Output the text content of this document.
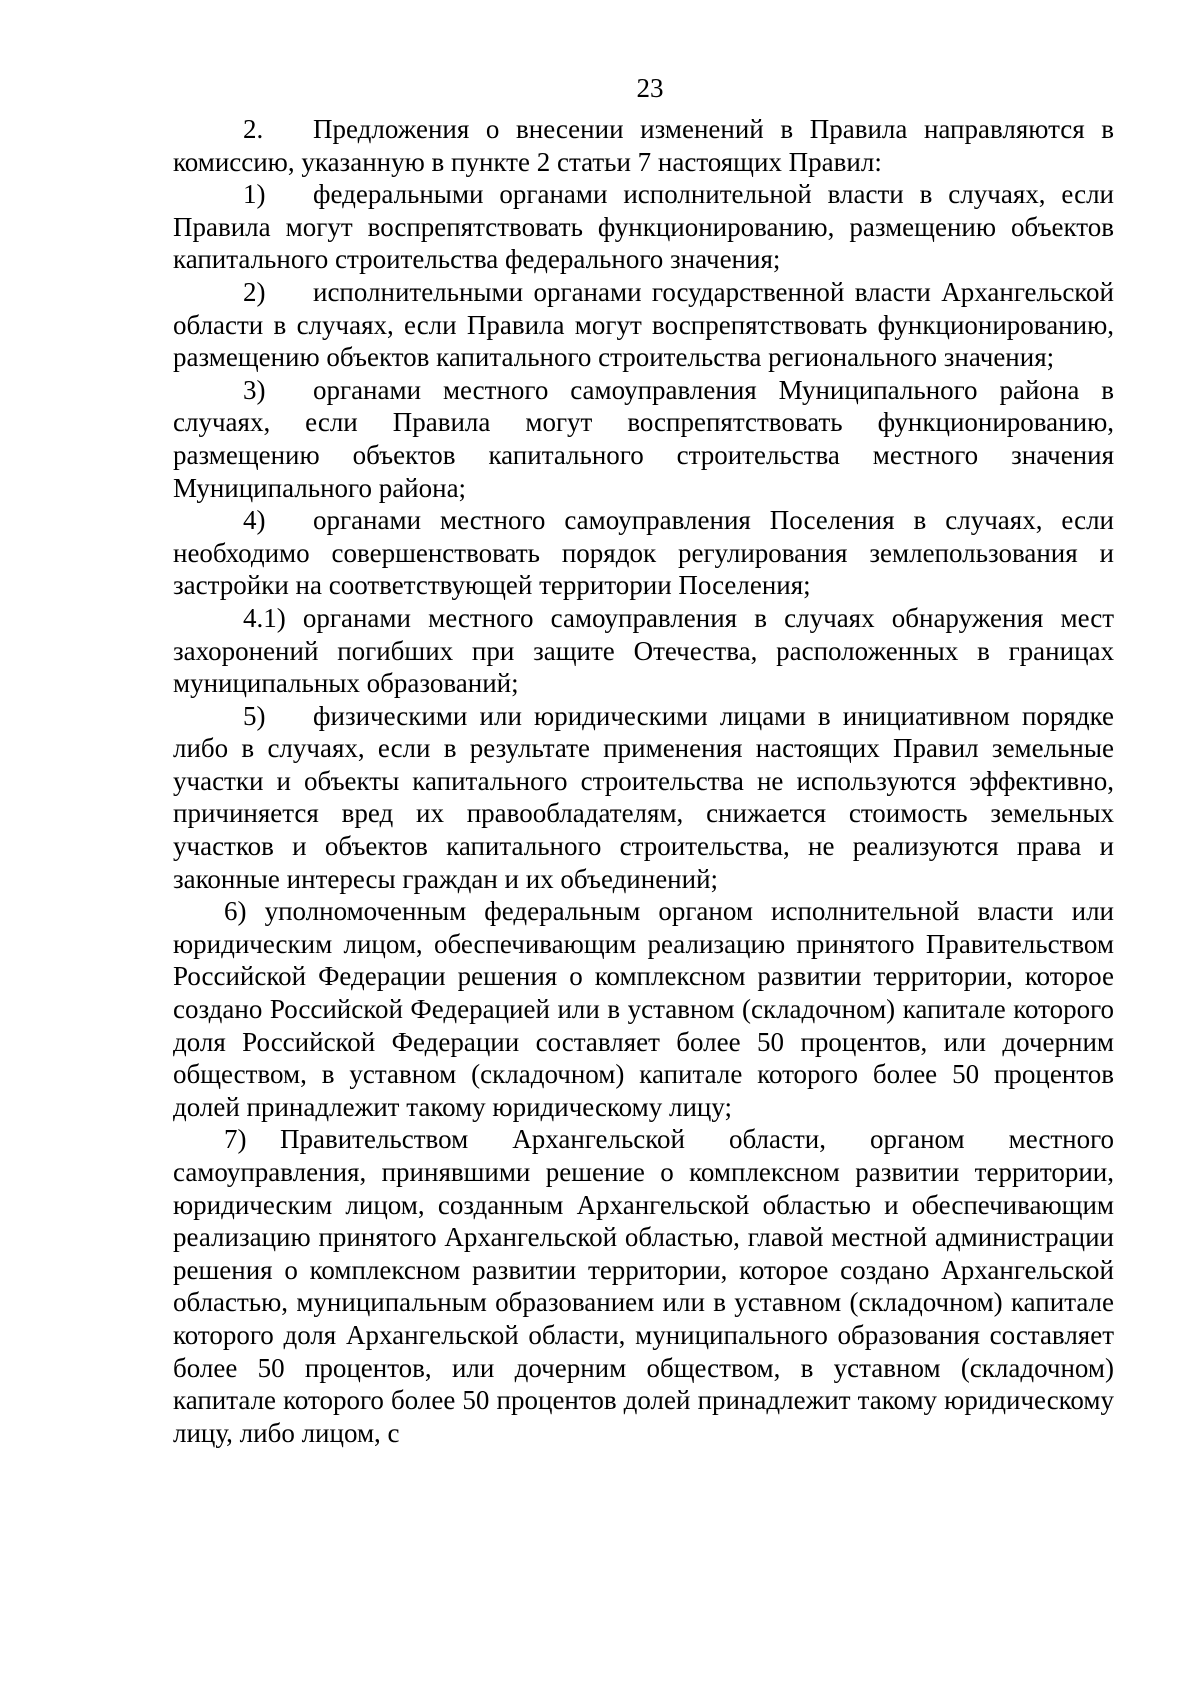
23

2. Предложения о внесении изменений в Правила направляются в комиссию, указанную в пункте 2 статьи 7 настоящих Правил:

1) федеральными органами исполнительной власти в случаях, если Правила могут воспрепятствовать функционированию, размещению объектов капитального строительства федерального значения;

2) исполнительными органами государственной власти Архангельской области в случаях, если Правила могут воспрепятствовать функционированию, размещению объектов капитального строительства регионального значения;

3) органами местного самоуправления Муниципального района в случаях, если Правила могут воспрепятствовать функционированию, размещению объектов капитального строительства местного значения Муниципального района;

4) органами местного самоуправления Поселения в случаях, если необходимо совершенствовать порядок регулирования землепользования и застройки на соответствующей территории Поселения;

4.1) органами местного самоуправления в случаях обнаружения мест захоронений погибших при защите Отечества, расположенных в границах муниципальных образований;

5) физическими или юридическими лицами в инициативном порядке либо в случаях, если в результате применения настоящих Правил земельные участки и объекты капитального строительства не используются эффективно, причиняется вред их правообладателям, снижается стоимость земельных участков и объектов капитального строительства, не реализуются права и законные интересы граждан и их объединений;

6) уполномоченным федеральным органом исполнительной власти или юридическим лицом, обеспечивающим реализацию принятого Правительством Российской Федерации решения о комплексном развитии территории, которое создано Российской Федерацией или в уставном (складочном) капитале которого доля Российской Федерации составляет более 50 процентов, или дочерним обществом, в уставном (складочном) капитале которого более 50 процентов долей принадлежит такому юридическому лицу;

7) Правительством Архангельской области, органом местного самоуправления, принявшими решение о комплексном развитии территории, юридическим лицом, созданным Архангельской областью и обеспечивающим реализацию принятого Архангельской областью, главой местной администрации решения о комплексном развитии территории, которое создано Архангельской областью, муниципальным образованием или в уставном (складочном) капитале которого доля Архангельской области, муниципального образования составляет более 50 процентов, или дочерним обществом, в уставном (складочном) капитале которого более 50 процентов долей принадлежит такому юридическому лицу, либо лицом, с
